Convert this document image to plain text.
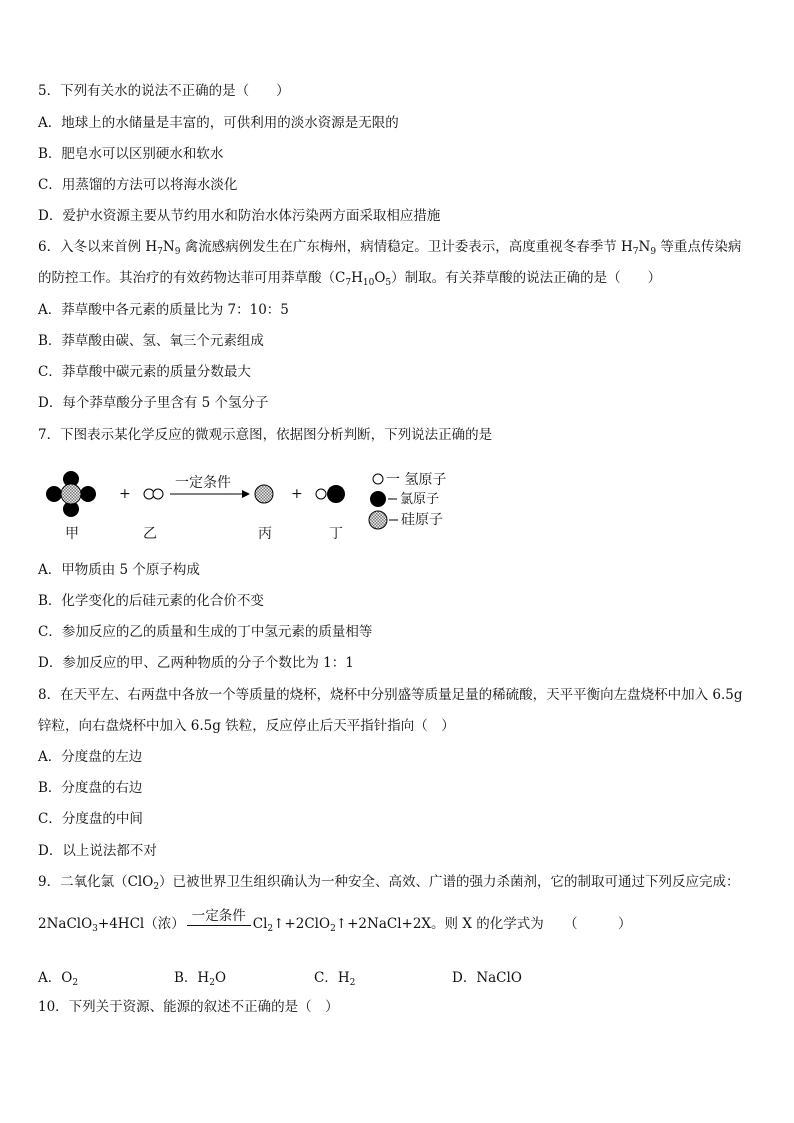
5．下列有关水的说法不正确的是（　　）
A．地球上的水储量是丰富的，可供利用的淡水资源是无限的
B．肥皂水可以区别硬水和软水
C．用蒸馏的方法可以将海水淡化
D．爱护水资源主要从节约用水和防治水体污染两方面采取相应措施
6．入冬以来首例 $H_7N_9$ 禽流感病例发生在广东梅州，病情稳定。卫计委表示，高度重视冬春季节 $H_7N_9$ 等重点传染病
的防控工作。其治疗的有效药物达菲可用莽草酸$(C_7H_{10}O_5)$制取。有关莽草酸的说法正确的是（　　）
A．莽草酸中各元素的质量比为 7：10：5
B．莽草酸由碳、氢、氧三个元素组成
C．莽草酸中碳元素的质量分数最大
D．每个莽草酸分子里含有 5 个氢分子
7．下图表示某化学反应的微观示意图，依据图分析判断，下列说法正确的是
+
一定条件
+
甲	乙	丙	丁
一 氢原子
氯原子
硅原子
A．甲物质由 5 个原子构成
B．化学变化的后硅元素的化合价不变
C．参加反应的乙的质量和生成的丁中氢元素的质量相等
D．参加反应的甲、乙两种物质的分子个数比为 1：1
8．在天平左、右两盘中各放一个等质量的烧杯，烧杯中分别盛等质量足量的稀硫酸，天平平衡向左盘烧杯中加入 6.5g
锌粒，向右盘烧杯中加入 6.5g 铁粒，反应停止后天平指针指向（　）
A．分度盘的左边
B．分度盘的右边
C．分度盘的中间
D．以上说法都不对
9．二氧化氯（ClO$_2$）已被世界卫生组织确认为一种安全、高效、广谱的强力杀菌剂，它的制取可通过下列反应完成：
2NaClO$_3$+4HCl（浓）
一定条件
$Cl_2↑+2ClO_2↑+2NaCl+2X$。则 X 的化学式为　　（　　　）
A．$O_2$	B．$H_2O$	C．$H_2$	D．NaClO
10．下列关于资源、能源的叙述不正确的是（　）
